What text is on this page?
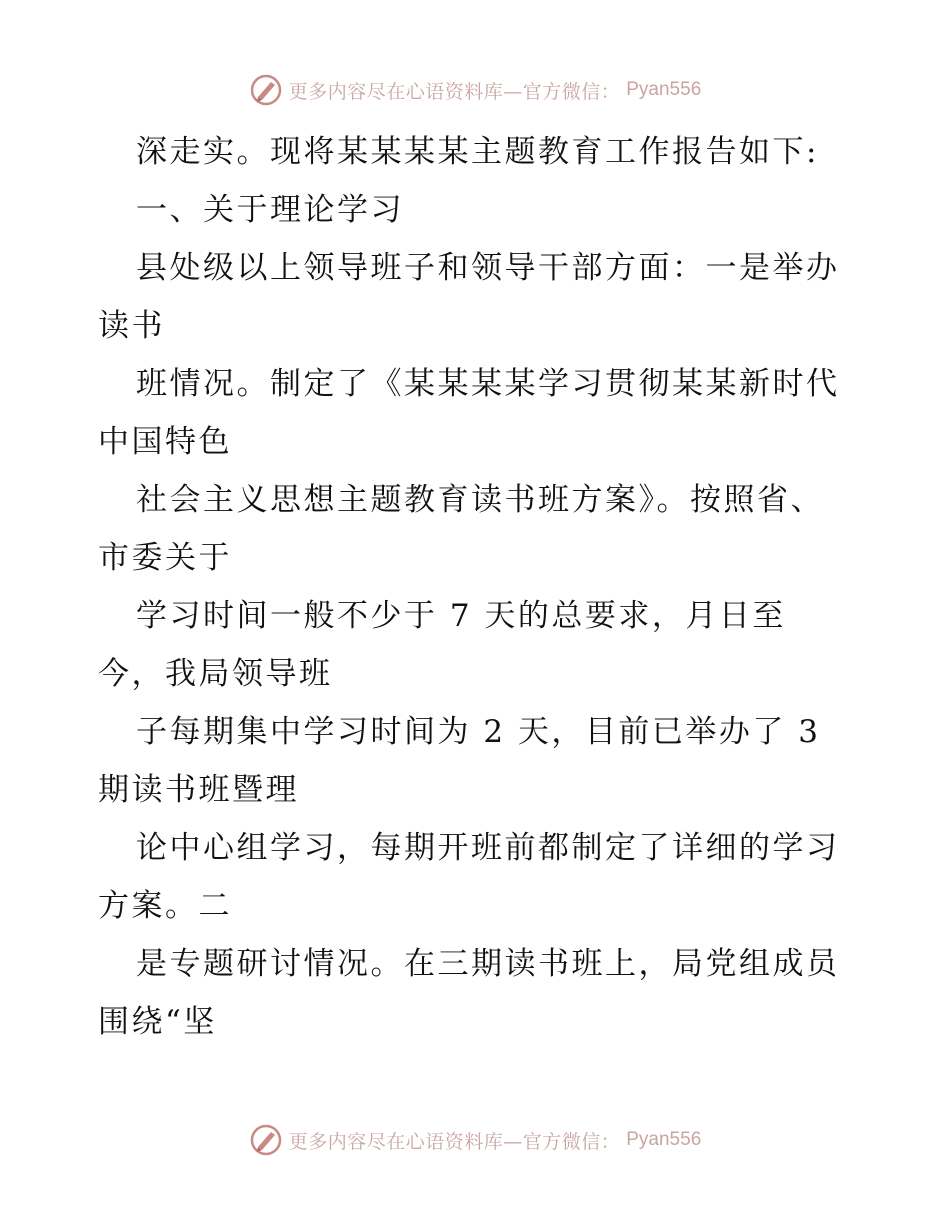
更多内容尽在心语资料库—官方微信： Pyan556
深走实。现将某某某某主题教育工作报告如下:
一、关于理论学习
县处级以上领导班子和领导干部方面：一是举办
读书
班情况。制定了《某某某某学习贯彻某某新时代
中国特色
社会主义思想主题教育读书班方案》。按照省、
市委关于
学习时间一般不少于 7 天的总要求，月日至
今，我局领导班
子每期集中学习时间为 2 天，目前已举办了 3
期读书班暨理
论中心组学习，每期开班前都制定了详细的学习
方案。二
是专题研讨情况。在三期读书班上，局党组成员
围绕“坚
更多内容尽在心语资料库—官方微信： Pyan556
